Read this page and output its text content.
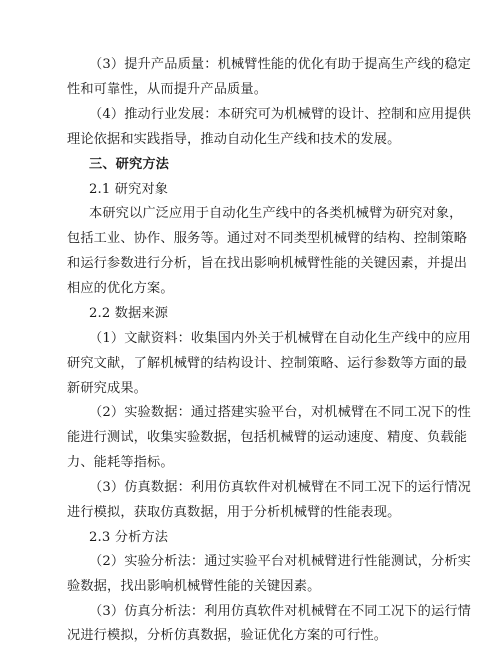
（3）提升产品质量：机械臂性能的优化有助于提高生产线的稳定
性和可靠性，从而提升产品质量。
（4）推动行业发展：本研究可为机械臂的设计、控制和应用提供
理论依据和实践指导，推动自动化生产线和技术的发展。
三、研究方法
2.1 研究对象
本研究以广泛应用于自动化生产线中的各类机械臂为研究对象，
包括工业、协作、服务等。通过对不同类型机械臂的结构、控制策略
和运行参数进行分析，旨在找出影响机械臂性能的关键因素，并提出
相应的优化方案。
2.2 数据来源
（1）文献资料：收集国内外关于机械臂在自动化生产线中的应用
研究文献，了解机械臂的结构设计、控制策略、运行参数等方面的最
新研究成果。
（2）实验数据：通过搭建实验平台，对机械臂在不同工况下的性
能进行测试，收集实验数据，包括机械臂的运动速度、精度、负载能
力、能耗等指标。
（3）仿真数据：利用仿真软件对机械臂在不同工况下的运行情况
进行模拟，获取仿真数据，用于分析机械臂的性能表现。
2.3 分析方法
（2）实验分析法：通过实验平台对机械臂进行性能测试，分析实
验数据，找出影响机械臂性能的关键因素。
（3）仿真分析法：利用仿真软件对机械臂在不同工况下的运行情
况进行模拟，分析仿真数据，验证优化方案的可行性。
